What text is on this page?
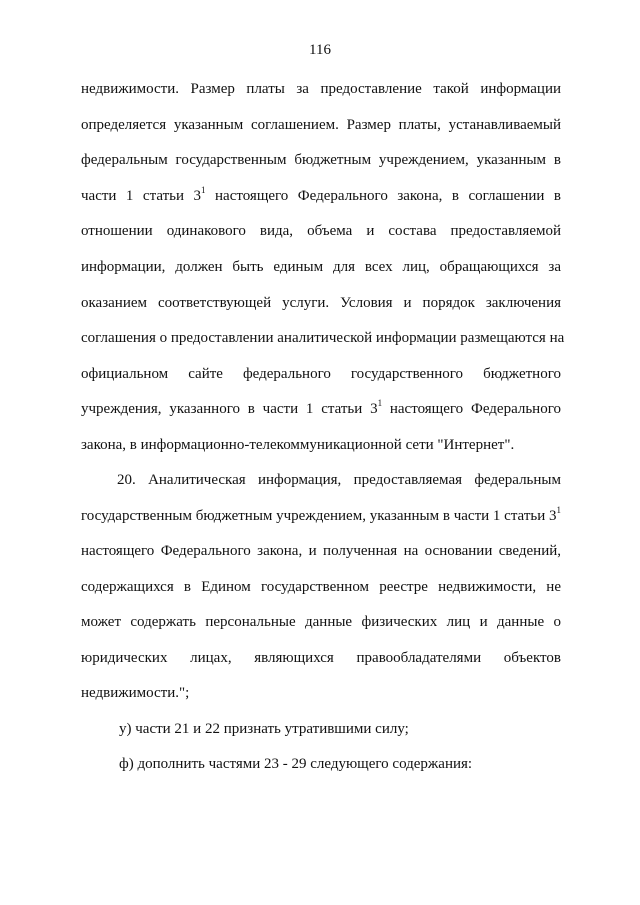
116
недвижимости. Размер платы за предоставление такой информации
определяется указанным соглашением. Размер платы, устанавливаемый
федеральным государственным бюджетным учреждением, указанным в
части 1 статьи $3^1$ настоящего Федерального закона, в соглашении в
отношении одинакового вида, объема и состава предоставляемой
информации, должен быть единым для всех лиц, обращающихся за
оказанием соответствующей услуги. Условия и порядок заключения
соглашения о предоставлении аналитической информации размещаются на
официальном сайте федерального государственного бюджетного
учреждения, указанного в части 1 статьи $3^1$ настоящего Федерального
закона, в информационно-телекоммуникационной сети "Интернет".
20. Аналитическая информация, предоставляемая федеральным
государственным бюджетным учреждением, указанным в части 1 статьи $3^1$
настоящего Федерального закона, и полученная на основании сведений,
содержащихся в Едином государственном реестре недвижимости, не
может содержать персональные данные физических лиц и данные о
юридических лицах, являющихся правообладателями объектов
недвижимости.";
у) части 21 и 22 признать утратившими силу;
ф) дополнить частями 23 - 29 следующего содержания:
